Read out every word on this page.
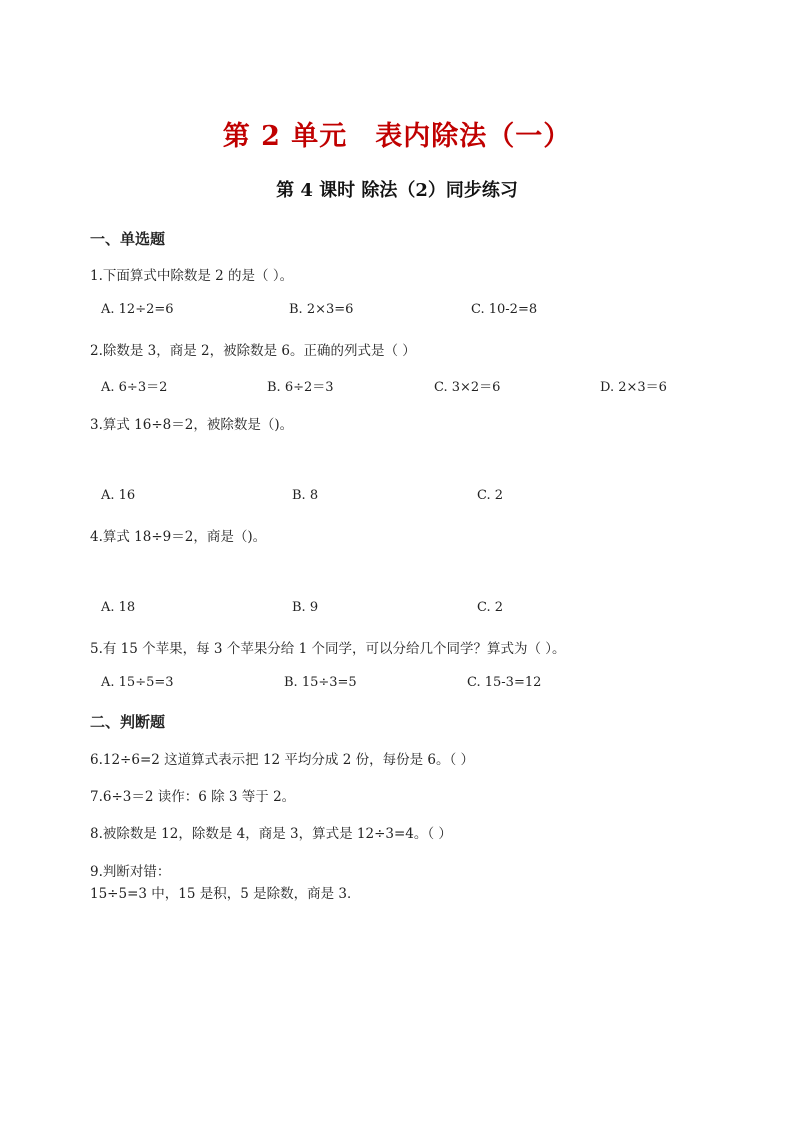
第 2 单元　表内除法（一）
第 4 课时 除法（2）同步练习
一、单选题
1.下面算式中除数是 2 的是（ ）。
A. 12÷2=6	B. 2×3=6	C. 10-2=8
2.除数是 3，商是 2，被除数是 6。正确的列式是（ ）
A. 6÷3＝2	B. 6÷2＝3	C. 3×2＝6	D. 2×3＝6
3.算式 16÷8＝2，被除数是（)。
A. 16	B. 8	C. 2
4.算式 18÷9＝2，商是（)。
A. 18	B. 9	C. 2
5.有 15 个苹果，每 3 个苹果分给 1 个同学，可以分给几个同学？算式为（ ）。
A. 15÷5=3	B. 15÷3=5	C. 15-3=12
二、判断题
6.12÷6=2 这道算式表示把 12 平均分成 2 份，每份是 6。（ ）
7.6÷3＝2 读作：6 除 3 等于 2。
8.被除数是 12，除数是 4，商是 3，算式是 12÷3=4。（ ）
9.判断对错：
15÷5=3 中，15 是积，5 是除数，商是 3．
